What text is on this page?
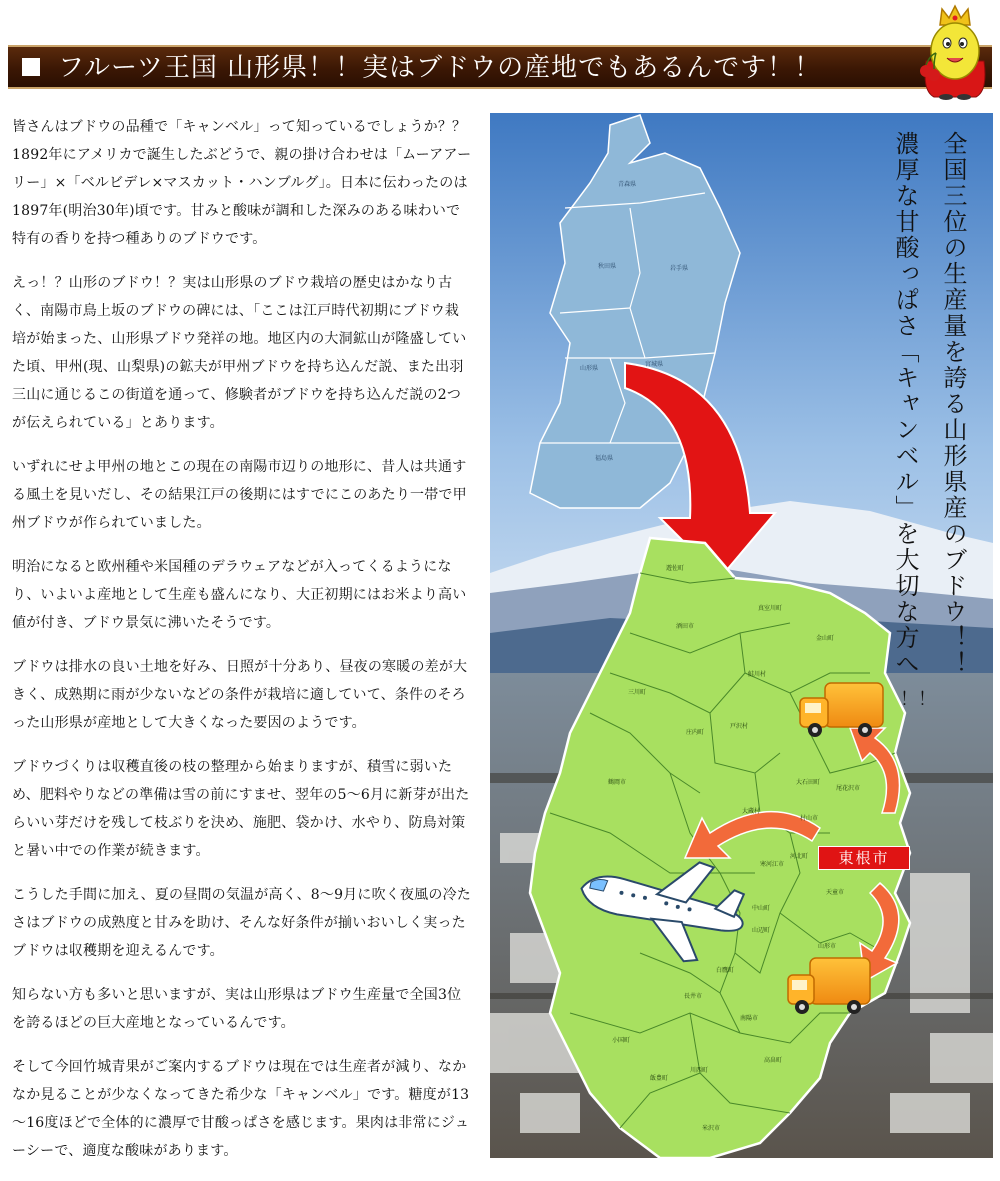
フルーツ王国 山形県！！実はブドウの産地でもあるんです！！

皆さんはブドウの品種で「キャンベル」って知っているでしょうか？？1892年にアメリカで誕生したぶどうで、親の掛け合わせは「ムーアアーリー」×「ベルビデレ×マスカット・ハンブルグ」。日本に伝わったのは1897年(明治30年)頃です。甘みと酸味が調和した深みのある味わいで特有の香りを持つ種ありのブドウです。

えっ！？山形のブドウ！？実は山形県のブドウ栽培の歴史はかなり古く、南陽市鳥上坂のブドウの碑には、「ここは江戸時代初期にブドウ栽培が始まった、山形県ブドウ発祥の地。地区内の大洞鉱山が隆盛していた頃、甲州(現、山梨県)の鉱夫が甲州ブドウを持ち込んだ説、また出羽三山に通じるこの街道を通って、修験者がブドウを持ち込んだ説の2つが伝えられている」とあります。

いずれにせよ甲州の地とこの現在の南陽市辺りの地形に、昔人は共通する風土を見いだし、その結果江戸の後期にはすでにこのあたり一帯で甲州ブドウが作られていました。

明治になると欧州種や米国種のデラウェアなどが入ってくるようになり、いよいよ産地として生産も盛んになり、大正初期にはお米より高い値が付き、ブドウ景気に沸いたそうです。

ブドウは排水の良い土地を好み、日照が十分あり、昼夜の寒暖の差が大きく、成熟期に雨が少ないなどの条件が栽培に適していて、条件のそろった山形県が産地として大きくなった要因のようです。

ブドウづくりは収穫直後の枝の整理から始まりますが、積雪に弱いため、肥料やりなどの準備は雪の前にすませ、翌年の5～6月に新芽が出たらいい芽だけを残して枝ぶりを決め、施肥、袋かけ、水やり、防鳥対策と暑い中での作業が続きます。

こうした手間に加え、夏の昼間の気温が高く、8～9月に吹く夜風の冷たさはブドウの成熟度と甘みを助け、そんな好条件が揃いおいしく実ったブドウは収穫期を迎えるんです。

知らない方も多いと思いますが、実は山形県はブドウ生産量で全国3位を誇るほどの巨大産地となっているんです。

そして今回竹城青果がご案内するブドウは現在では生産者が減り、なかなか見ることが少なくなってきた希少な「キャンベル」です。糖度が13～16度ほどで全体的に濃厚で甘酸っぱさを感じます。果肉は非常にジューシーで、適度な酸味があります。

青森県
秋田県	岩手県
山形県
宮城県
福島県
遊佐町
酒田市
真室川町
金山町
鮭川村
三川町
庄内町
戸沢村
鶴岡市	大石田町
尾花沢市
村山市
河北町
寒河江市
天童市
中山町
山辺町
山形市
白鷹町
長井市
南陽市
小国町
飯豊町
川西町
高畠町
米沢市
大蔵村
全国三位の生産量を誇る山形県産のブドウ！！
濃厚な甘酸っぱさ「キャンベル」を大切な方へ
！！
東根市
